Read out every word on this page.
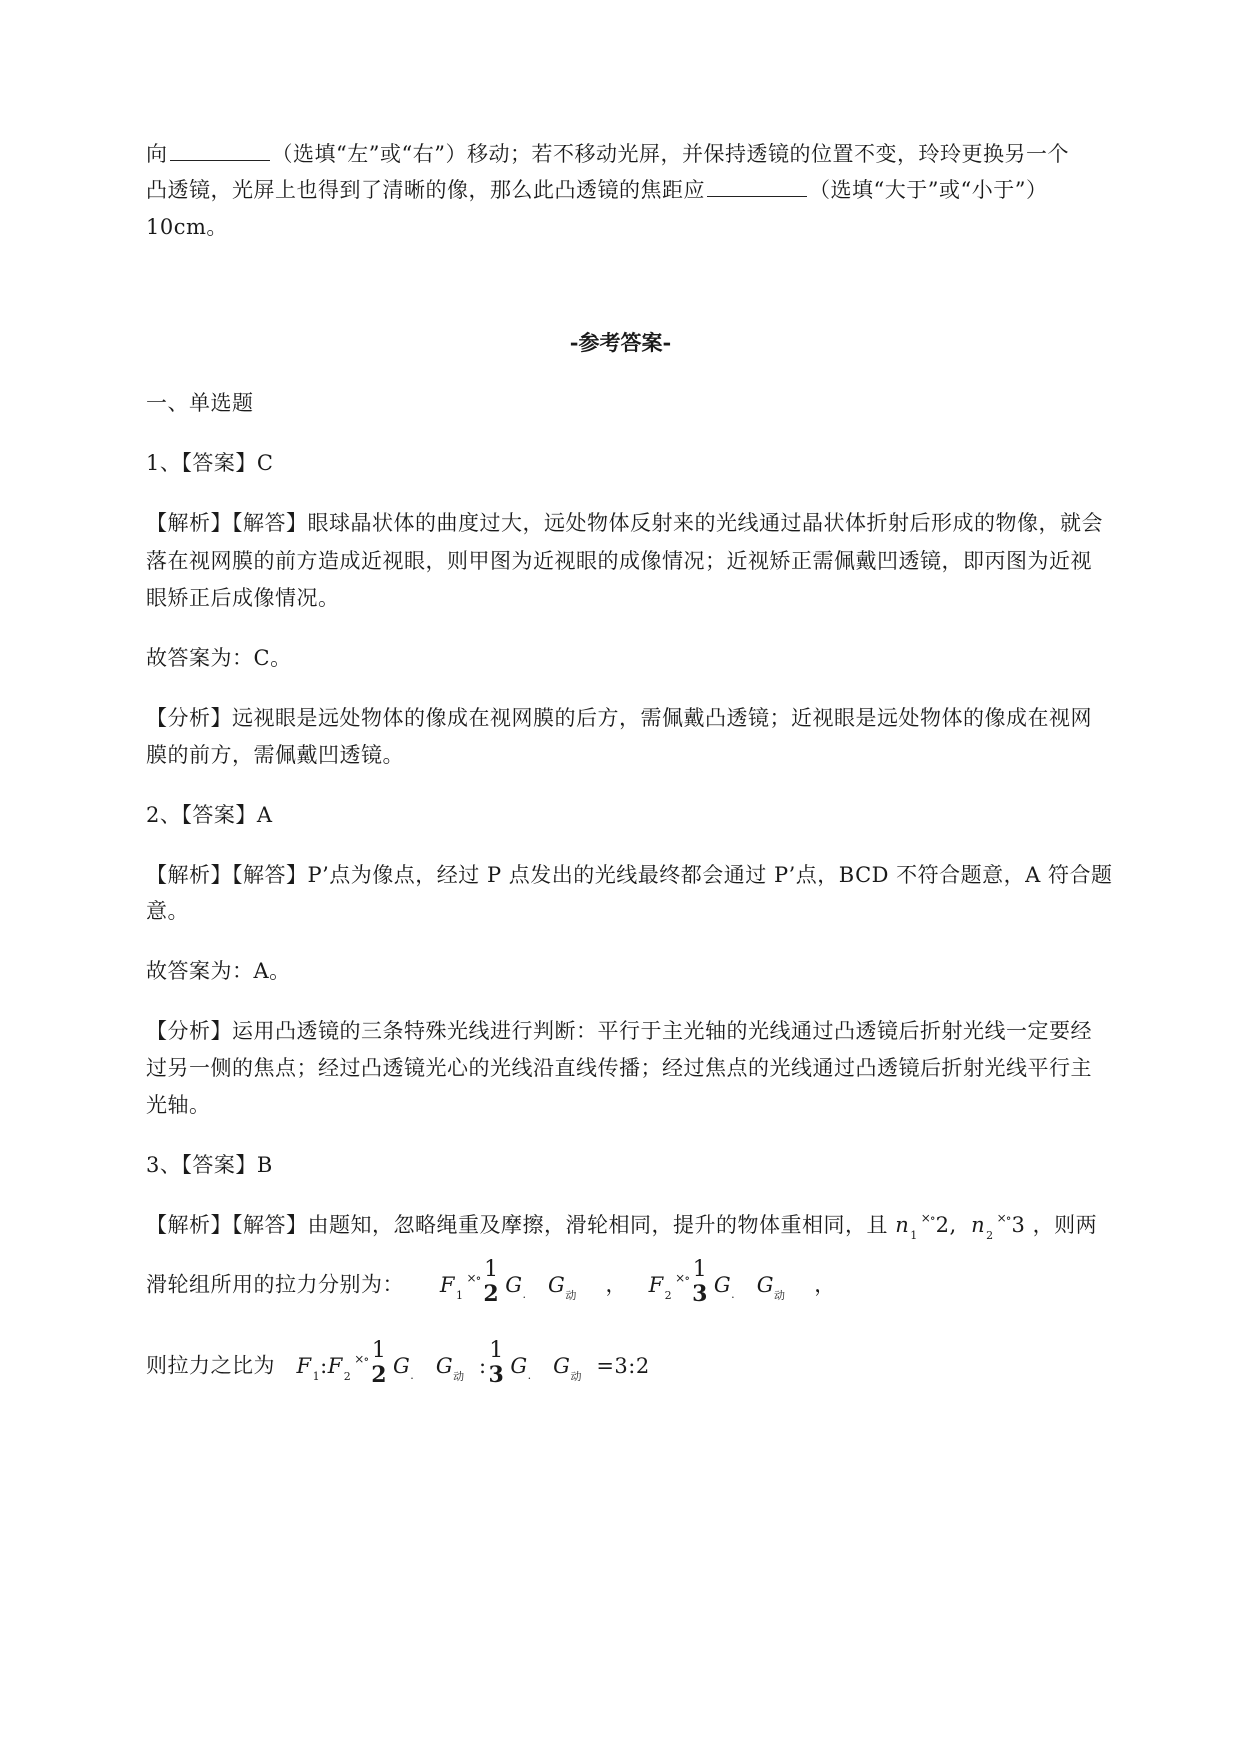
向	（选填“左”或“右”）移动；若不移动光屏，并保持透镜的位置不变，玲玲更换另一个
凸透镜，光屏上也得到了清晰的像，那么此凸透镜的焦距应	（选填“大于”或“小于”）
10cm。
-参考答案-
一、单选题
1、【答案】C
【解析】【解答】眼球晶状体的曲度过大，远处物体反射来的光线通过晶状体折射后形成的物像，就会
落在视网膜的前方造成近视眼，则甲图为近视眼的成像情况；近视矫正需佩戴凹透镜，即丙图为近视
眼矫正后成像情况。
故答案为：C。
【分析】远视眼是远处物体的像成在视网膜的后方，需佩戴凸透镜；近视眼是远处物体的像成在视网
膜的前方，需佩戴凹透镜。
2、【答案】A
【解析】【解答】P’点为像点，经过 P 点发出的光线最终都会通过 P’点，BCD 不符合题意，A 符合题
意。
故答案为：A。
【分析】运用凸透镜的三条特殊光线进行判断：平行于主光轴的光线通过凸透镜后折射光线一定要经
过另一侧的焦点；经过凸透镜光心的光线沿直线传播；经过焦点的光线通过凸透镜后折射光线平行主
光轴。
3、【答案】B
【解析】【解答】由题知，忽略绳重及摩擦，滑轮相同，提升的物体重相同，且 $n_1\times\circ 2$, $n_2\times\circ 3$ ，则两
滑轮组所用的拉力分别为： $F_1\times\circ$ 1
2 $G_.$ $G_动$ ， $F_2\times\circ$ 1
3 $G_.$ $G_动$ ，
则拉力之比为 $F_1:F_2\times\circ$ 1
2 $G_.$ $G_动$ :
1
3 $G_.$ $G_动$ =3:2
